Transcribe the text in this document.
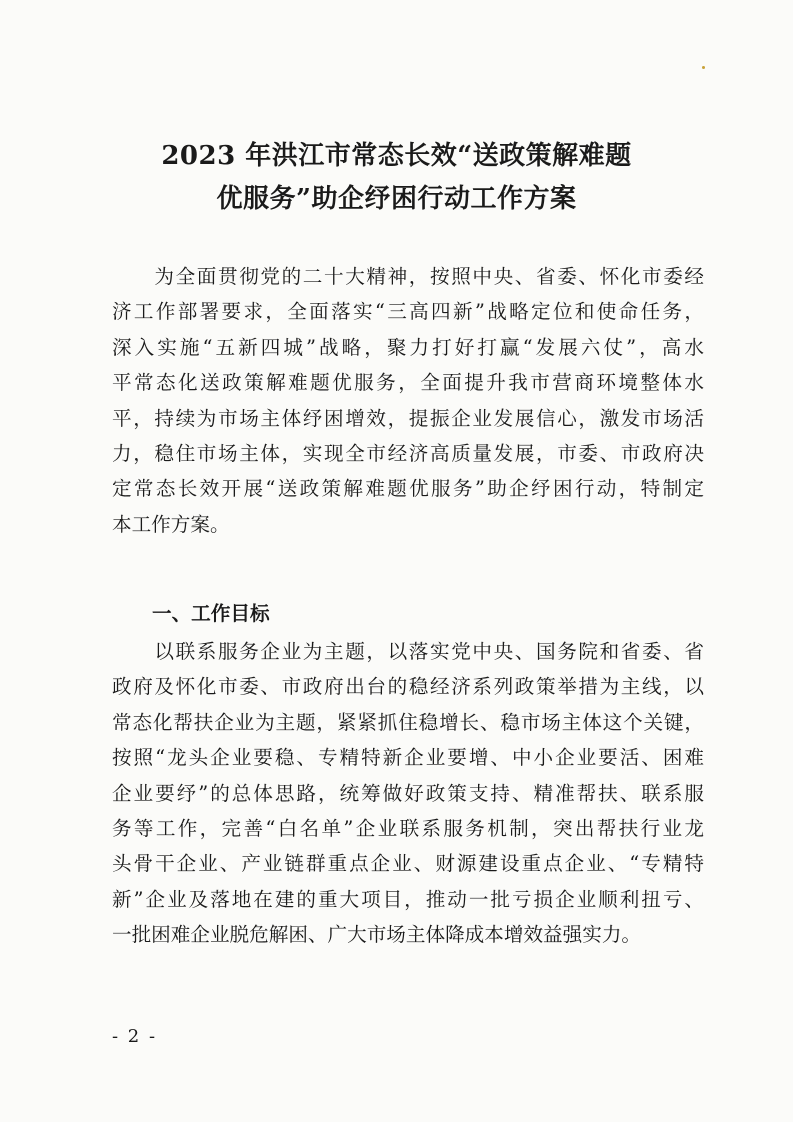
2023 年洪江市常态长效“送政策解难题
优服务”助企纾困行动工作方案
　　为全面贯彻党的二十大精神，按照中央、省委、怀化市委经
济工作部署要求，全面落实“三高四新”战略定位和使命任务，
深入实施“五新四城”战略，聚力打好打赢“发展六仗”，高水
平常态化送政策解难题优服务，全面提升我市营商环境整体水
平，持续为市场主体纾困增效，提振企业发展信心，激发市场活
力，稳住市场主体，实现全市经济高质量发展，市委、市政府决
定常态长效开展“送政策解难题优服务”助企纾困行动，特制定
本工作方案。
一、工作目标
　　以联系服务企业为主题，以落实党中央、国务院和省委、省
政府及怀化市委、市政府出台的稳经济系列政策举措为主线，以
常态化帮扶企业为主题，紧紧抓住稳增长、稳市场主体这个关键，
按照“龙头企业要稳、专精特新企业要增、中小企业要活、困难
企业要纾”的总体思路，统筹做好政策支持、精准帮扶、联系服
务等工作，完善“白名单”企业联系服务机制，突出帮扶行业龙
头骨干企业、产业链群重点企业、财源建设重点企业、“专精特
新”企业及落地在建的重大项目，推动一批亏损企业顺利扭亏、
一批困难企业脱危解困、广大市场主体降成本增效益强实力。
- 2 -
